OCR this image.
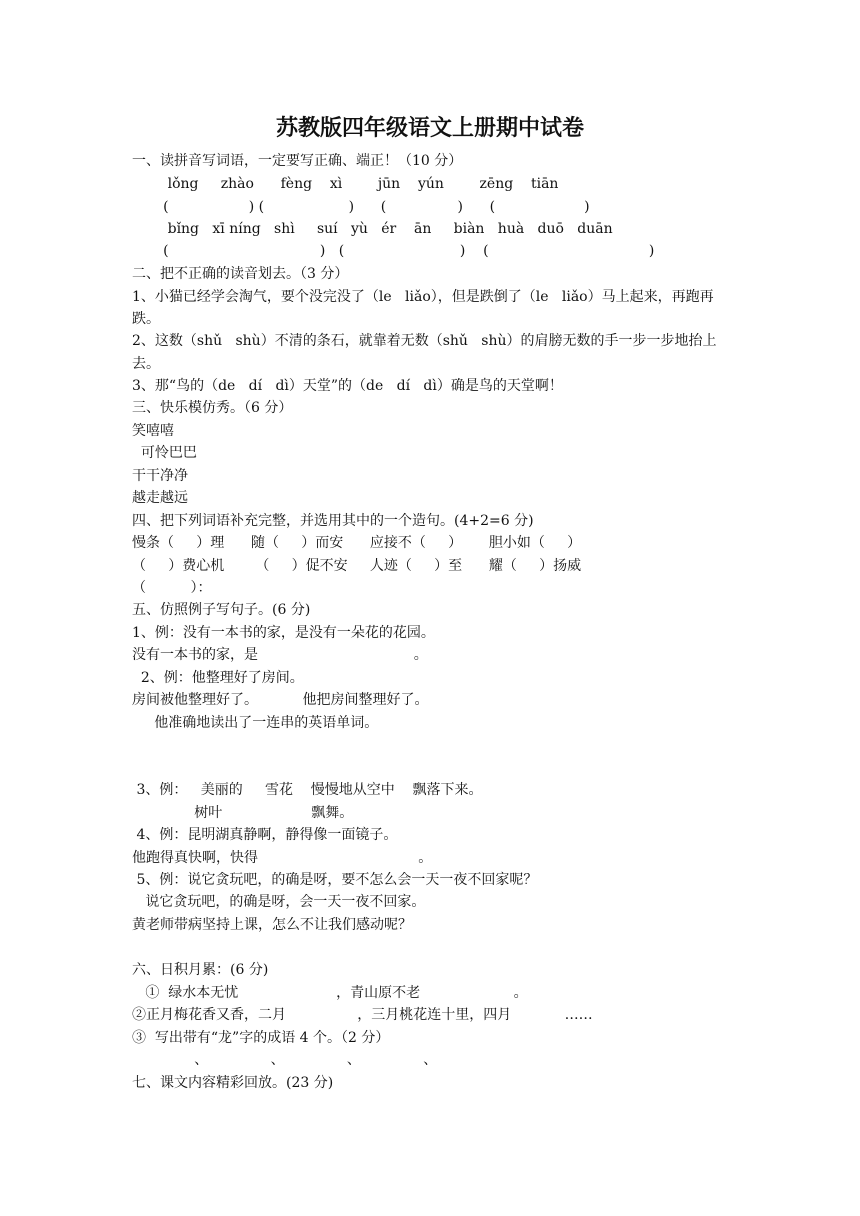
苏教版四年级语文上册期中试卷
一、读拼音写词语，一定要写正确、端正！（10 分）
lǒng     zhào      fèng    xì        jūn    yún        zēng    tiān
(                  ) (                   )      (                )      (                    )
bǐng   xī níng   shì     suí   yù   ér    ān     biàn   huà   duō   duān
(                                  )   (                          )    (                                    )
二、把不正确的读音划去。（3 分）
1、小猫已经学会淘气，要个没完没了（le   liǎo），但是跌倒了（le   liǎo）马上起来，再跑再
跌。
2、这数（shǔ   shù）不清的条石，就靠着无数（shǔ   shù）的肩膀无数的手一步一步地抬上
去。
3、那“鸟的（de   dí   dì）天堂”的（de   dí   dì）确是鸟的天堂啊！
三、快乐模仿秀。（6 分）
笑嘻嘻
可怜巴巴
干干净净
越走越远
四、把下列词语补充完整，并选用其中的一个造句。(4+2=6 分)
慢条（     ）理      随（     ）而安      应接不（     ）      胆小如（     ）
（     ）费心机       （     ）促不安     人迹（     ）至      耀（     ）扬威
（          ）：
五、仿照例子写句子。(6 分)
1、例：没有一本书的家，是没有一朵花的花园。
没有一本书的家，是                                   。
2、例：他整理好了房间。
房间被他整理好了。          他把房间整理好了。
他准确地读出了一连串的英语单词。
3、例：   美丽的     雪花    慢慢地从空中    飘落下来。
树叶                    飘舞。
4、例：昆明湖真静啊，静得像一面镜子。
他跑得真快啊，快得                                    。
5、例：说它贪玩吧，的确是呀，要不怎么会一天一夜不回家呢？
说它贪玩吧，的确是呀，会一天一夜不回家。
黄老师带病坚持上课，怎么不让我们感动呢？
六、日积月累：(6 分)
①  绿水本无忧                      ，青山原不老                     。
②正月梅花香又香，二月                ，三月桃花连十里，四月            ……
③  写出带有“龙”字的成语 4 个。（2 分）
、              、              、              、
七、课文内容精彩回放。(23 分)
